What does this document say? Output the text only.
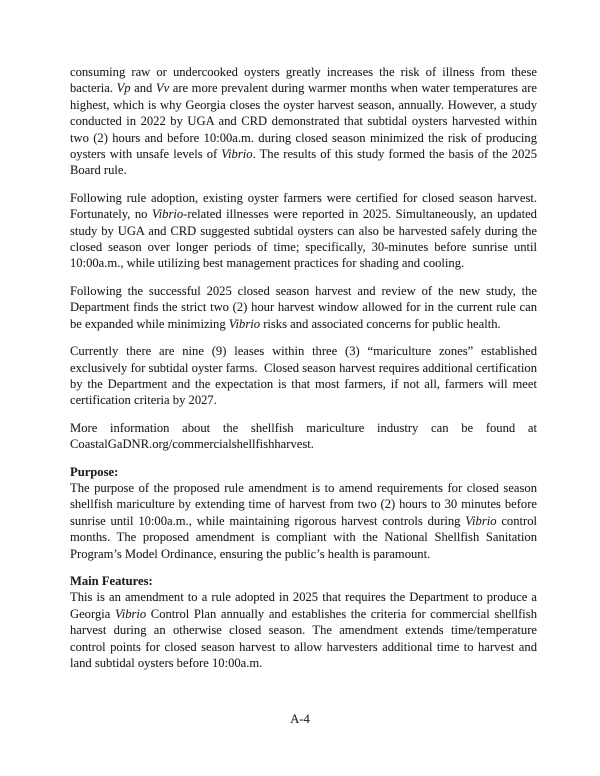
consuming raw or undercooked oysters greatly increases the risk of illness from these bacteria. Vp and Vv are more prevalent during warmer months when water temperatures are highest, which is why Georgia closes the oyster harvest season, annually. However, a study conducted in 2022 by UGA and CRD demonstrated that subtidal oysters harvested within two (2) hours and before 10:00a.m. during closed season minimized the risk of producing oysters with unsafe levels of Vibrio. The results of this study formed the basis of the 2025 Board rule.

Following rule adoption, existing oyster farmers were certified for closed season harvest. Fortunately, no Vibrio-related illnesses were reported in 2025. Simultaneously, an updated study by UGA and CRD suggested subtidal oysters can also be harvested safely during the closed season over longer periods of time; specifically, 30-minutes before sunrise until 10:00a.m., while utilizing best management practices for shading and cooling.

Following the successful 2025 closed season harvest and review of the new study, the Department finds the strict two (2) hour harvest window allowed for in the current rule can be expanded while minimizing Vibrio risks and associated concerns for public health.

Currently there are nine (9) leases within three (3) “mariculture zones” established exclusively for subtidal oyster farms.  Closed season harvest requires additional certification by the Department and the expectation is that most farmers, if not all, farmers will meet certification criteria by 2027.

More information about the shellfish mariculture industry can be found at CoastalGaDNR.org/commercialshellfishharvest.

Purpose:

The purpose of the proposed rule amendment is to amend requirements for closed season shellfish mariculture by extending time of harvest from two (2) hours to 30 minutes before sunrise until 10:00a.m., while maintaining rigorous harvest controls during Vibrio control months. The proposed amendment is compliant with the National Shellfish Sanitation Program’s Model Ordinance, ensuring the public’s health is paramount.

Main Features:

This is an amendment to a rule adopted in 2025 that requires the Department to produce a Georgia Vibrio Control Plan annually and establishes the criteria for commercial shellfish harvest during an otherwise closed season. The amendment extends time/temperature control points for closed season harvest to allow harvesters additional time to harvest and land subtidal oysters before 10:00a.m.

A-4
